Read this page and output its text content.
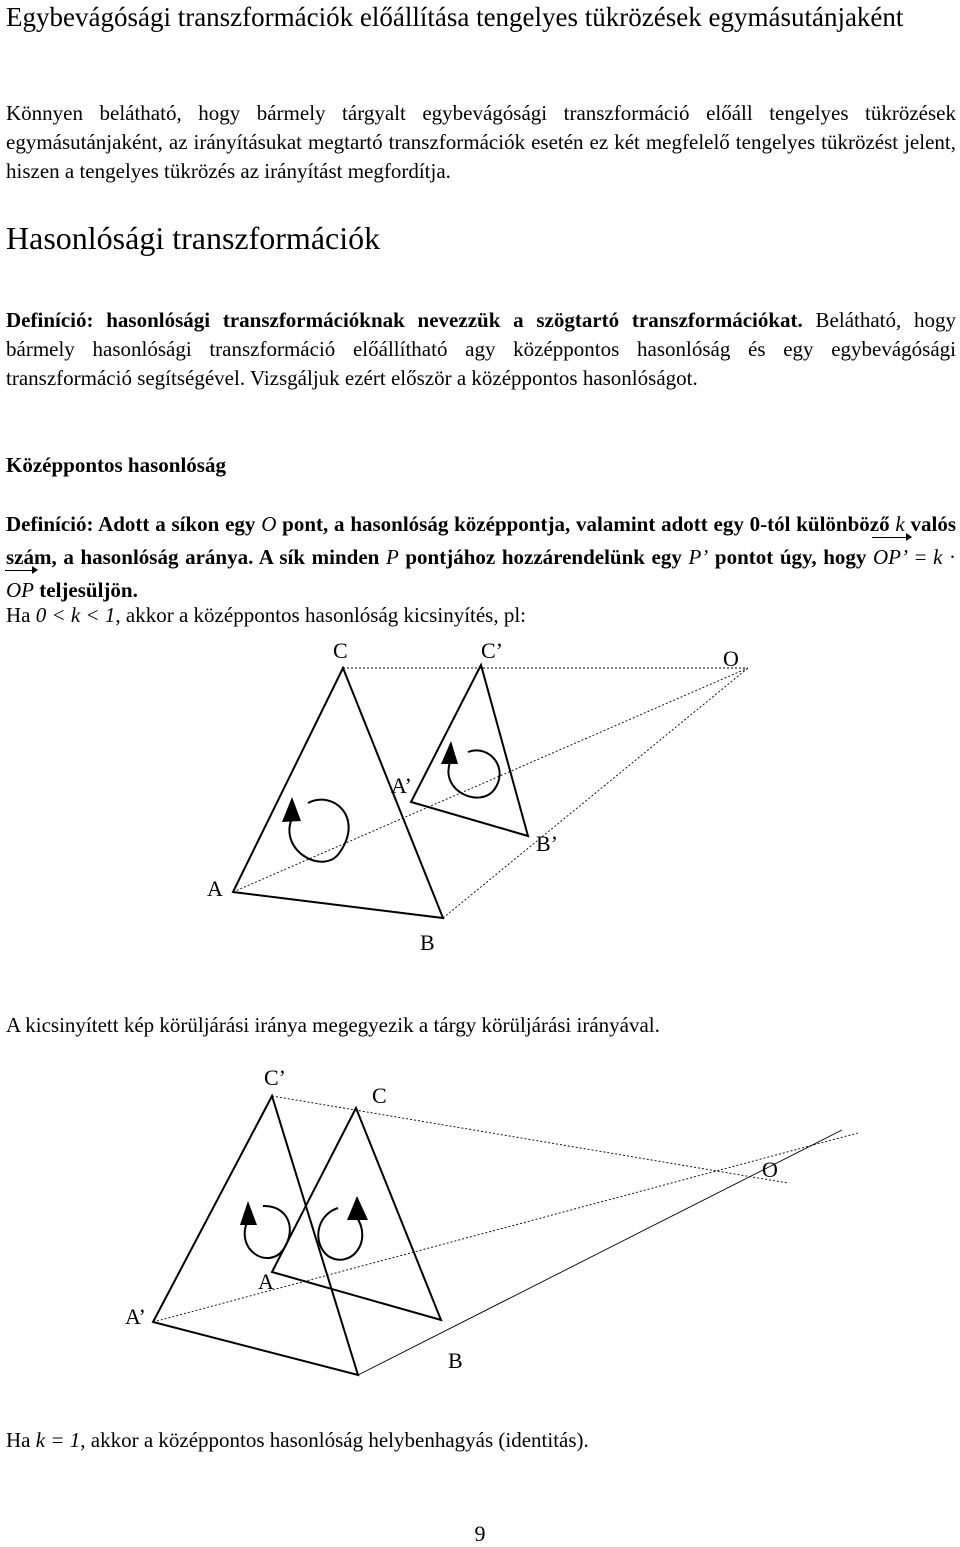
Egybevágósági transzformációk előállítása tengelyes tükrözések egymásutánjaként
Könnyen belátható, hogy bármely tárgyalt egybevágósági transzformáció előáll tengelyes tükrözések egymásutánjaként, az irányításukat megtartó transzformációk esetén ez két megfelelő tengelyes tükrözést jelent, hiszen a tengelyes tükrözés az irányítást megfordítja.
Hasonlósági transzformációk
Definíció: hasonlósági transzformációknak nevezzük a szögtartó transzformációkat. Belátható, hogy bármely hasonlósági transzformáció előállítható agy középpontos hasonlóság és egy egybevágósági transzformáció segítségével. Vizsgáljuk ezért először a középpontos hasonlóságot.
Középpontos hasonlóság
Definíció: Adott a síkon egy O pont, a hasonlóság középpontja, valamint adott egy 0-tól különböző k valós szám, a hasonlóság aránya. A sík minden P pontjához hozzárendelünk egy P’ pontot úgy, hogy OP’ = k · OP teljesüljön.
Ha 0 < k < 1, akkor a középpontos hasonlóság kicsinyítés, pl:
C	C’	O
A’
B’
A
B
A kicsinyített kép körüljárási iránya megegyezik a tárgy körüljárási irányával.
C’
C
O
A
A’
B
Ha k = 1, akkor a középpontos hasonlóság helybenhagyás (identitás).
9
